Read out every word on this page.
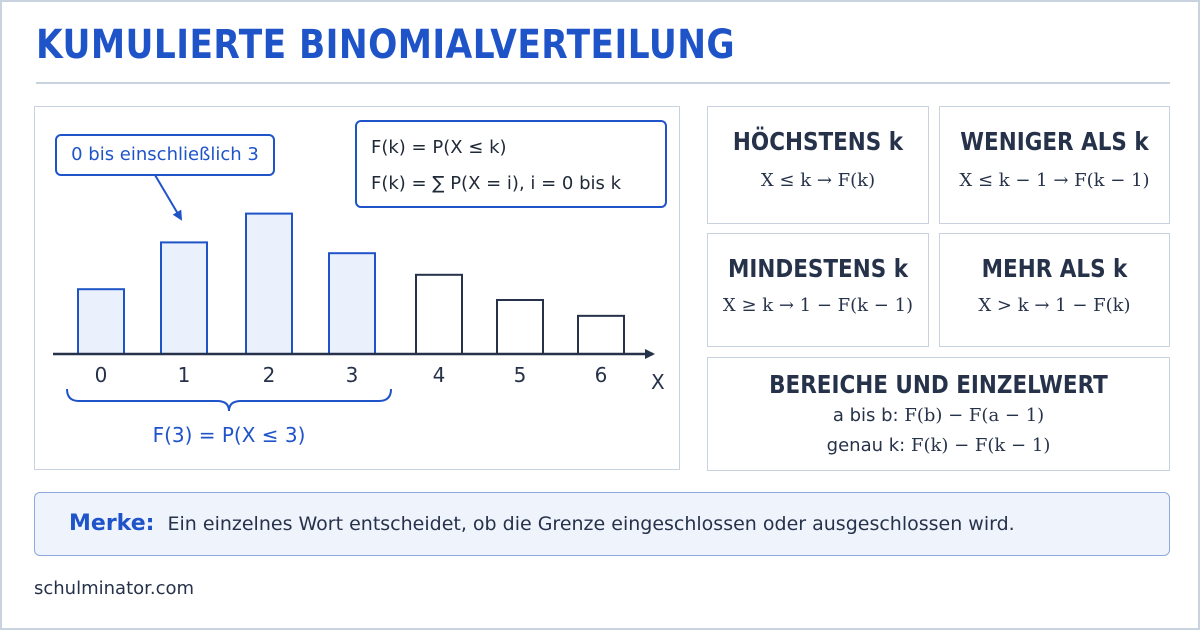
KUMULIERTE BINOMIALVERTEILUNG
0	1	2	3	4	5	6 X
0 bis einschließlich 3	F(k) = P(X ≤ k)
F(k) = ∑ P(X = i), i = 0 bis k
F(3) = P(X ≤ 3)
HÖCHSTENS k
X ≤ k → F(k)
WENIGER ALS k
X ≤ k − 1 → F(k − 1)
MINDESTENS k
X ≥ k → 1 − F(k − 1)
MEHR ALS k
X > k → 1 − F(k)
BEREICHE UND EINZELWERT
a bis b: F(b) − F(a − 1)
genau k: F(k) − F(k − 1)
Merke: Ein einzelnes Wort entscheidet, ob die Grenze eingeschlossen oder ausgeschlossen wird.
schulminator.com
